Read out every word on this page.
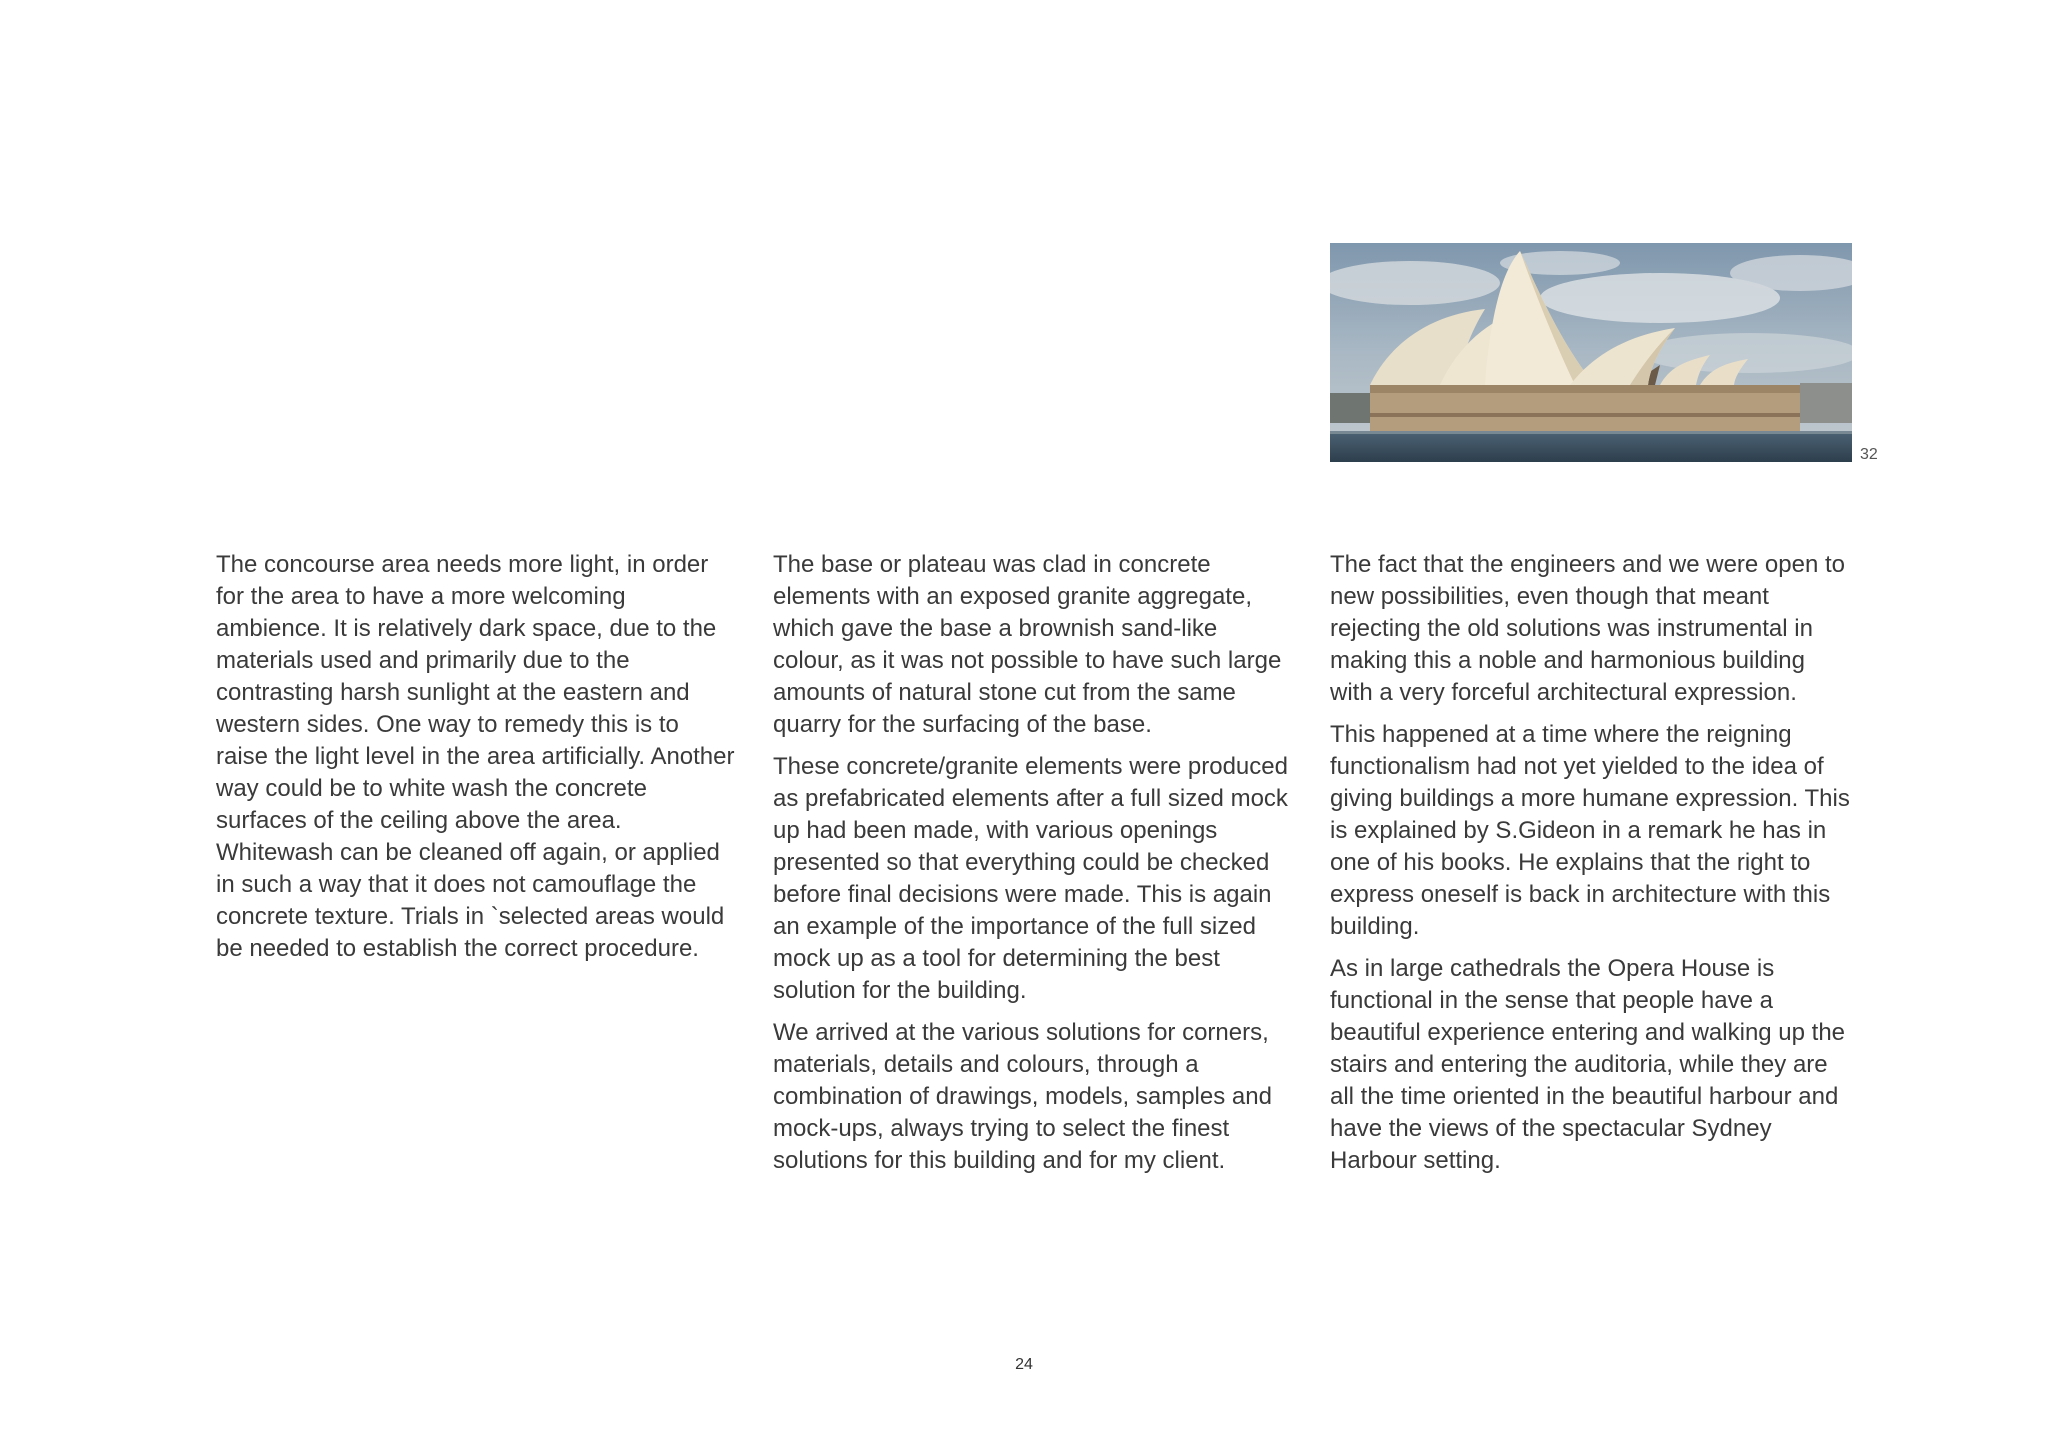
32

The concourse area needs more light, in order for the area to have a more welcoming ambience. It is relatively dark space, due to the materials used and primarily due to the contrasting harsh sunlight at the eastern and western sides. One way to remedy this is to raise the light level in the area artificially. Another way could be to white wash the concrete surfaces of the ceiling above the area. Whitewash can be cleaned off again, or applied in such a way that it does not camouflage the concrete texture. Trials in `selected areas would be needed to establish the correct procedure.

The base or plateau was clad in concrete elements with an exposed granite aggregate, which gave the base a brownish sand-like colour, as it was not possible to have such large amounts of natural stone cut from the same quarry for the surfacing of the base.

These concrete/granite elements were produced as prefabricated elements after a full sized mock up had been made, with various openings presented so that everything could be checked before final decisions were made. This is again an example of the importance of the full sized mock up as a tool for determining the best solution for the building.

We arrived at the various solutions for corners, materials, details and colours, through a combination of drawings, models, samples and mock-ups, always trying to select the finest solutions for this building and for my client.

The fact that the engineers and we were open to new possibilities, even though that meant rejecting the old solutions was instrumental in making this a noble and harmonious building with a very forceful architectural expression.

This happened at a time where the reigning functionalism had not yet yielded to the idea of giving buildings a more humane expression. This is explained by S.Gideon in a remark he has in one of his books. He explains that the right to express oneself is back in architecture with this building.

As in large cathedrals the Opera House is functional in the sense that people have a beautiful experience entering and walking up the stairs and entering the auditoria, while they are all the time oriented in the beautiful harbour and have the views of the spectacular Sydney Harbour setting.

24
